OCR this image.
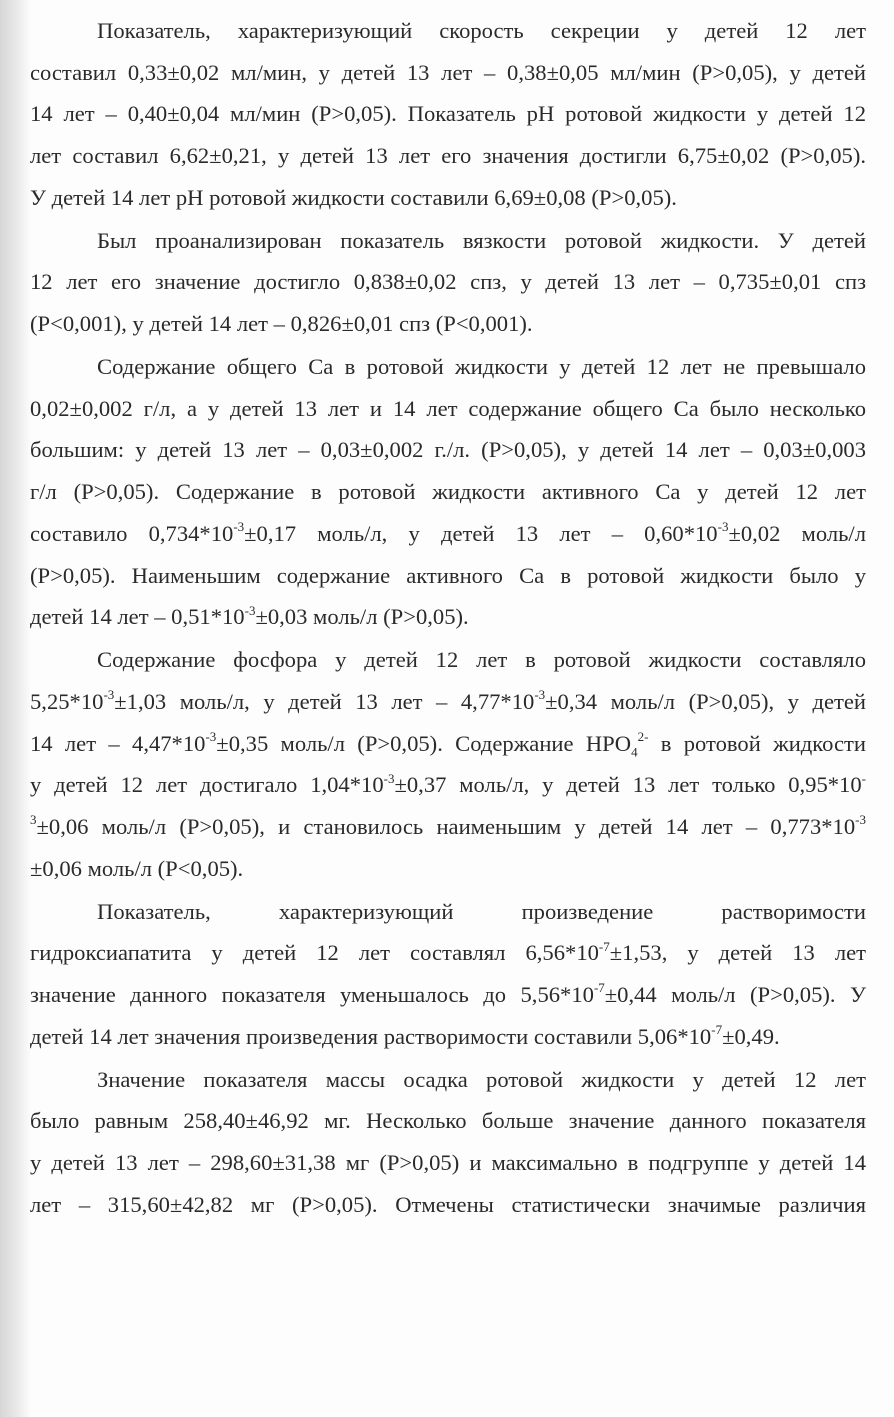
Показатель, характеризующий скорость секреции у детей 12 лет
составил 0,33±0,02 мл/мин, у детей 13 лет – 0,38±0,05 мл/мин (P>0,05), у детей
14 лет – 0,40±0,04 мл/мин (P>0,05). Показатель pH ротовой жидкости у детей 12
лет составил 6,62±0,21, у детей 13 лет его значения достигли 6,75±0,02 (P>0,05).
У детей 14 лет pH ротовой жидкости составили 6,69±0,08 (P>0,05).
Был проанализирован показатель вязкости ротовой жидкости. У детей
12 лет его значение достигло 0,838±0,02 спз, у детей 13 лет – 0,735±0,01 спз
(P<0,001), у детей 14 лет – 0,826±0,01 спз (P<0,001).
Содержание общего Са в ротовой жидкости у детей 12 лет не превышало
0,02±0,002 г/л, а у детей 13 лет и 14 лет содержание общего Са было несколько
большим: у детей 13 лет – 0,03±0,002 г./л. (P>0,05), у детей 14 лет – 0,03±0,003
г/л (P>0,05). Содержание в ротовой жидкости активного Са у детей 12 лет
составило $0,734*10^{-3}\pm 0,17$ моль/л, у детей 13 лет – $0,60*10^{-3}\pm 0,02$ моль/л
(P>0,05). Наименьшим содержание активного Са в ротовой жидкости было у
детей 14 лет – $0,51*10^{-3}\pm 0,03$ моль/л (P>0,05).
Содержание фосфора у детей 12 лет в ротовой жидкости составляло
$5,25*10^{-3}\pm 1,03$ моль/л, у детей 13 лет – $4,77*10^{-3}\pm 0,34$ моль/л (P>0,05), у детей
14 лет – $4,47*10^{-3}\pm 0,35$ моль/л (P>0,05). Содержание $HPO_4^{2-}$ в ротовой жидкости
у детей 12 лет достигало $1,04*10^{-3}\pm 0,37$ моль/л, у детей 13 лет только 0,95*10-
$^3$±0,06 моль/л (P>0,05), и становилось наименьшим у детей 14 лет – $0,773*10^{-3}$
±0,06 моль/л (P<0,05).
Показатель, характеризующий произведение растворимости
гидроксиапатита у детей 12 лет составлял $6,56*10^{-7}\pm 1,53$, у детей 13 лет
значение данного показателя уменьшалось до $5,56*10^{-7}\pm 0,44$ моль/л (P>0,05). У
детей 14 лет значения произведения растворимости составили $5,06*10^{-7}\pm 0,49$.
Значение показателя массы осадка ротовой жидкости у детей 12 лет
было равным 258,40±46,92 мг. Несколько больше значение данного показателя
у детей 13 лет – 298,60±31,38 мг (P>0,05) и максимально в подгруппе у детей 14
лет – 315,60±42,82 мг (P>0,05). Отмечены статистически значимые различия
